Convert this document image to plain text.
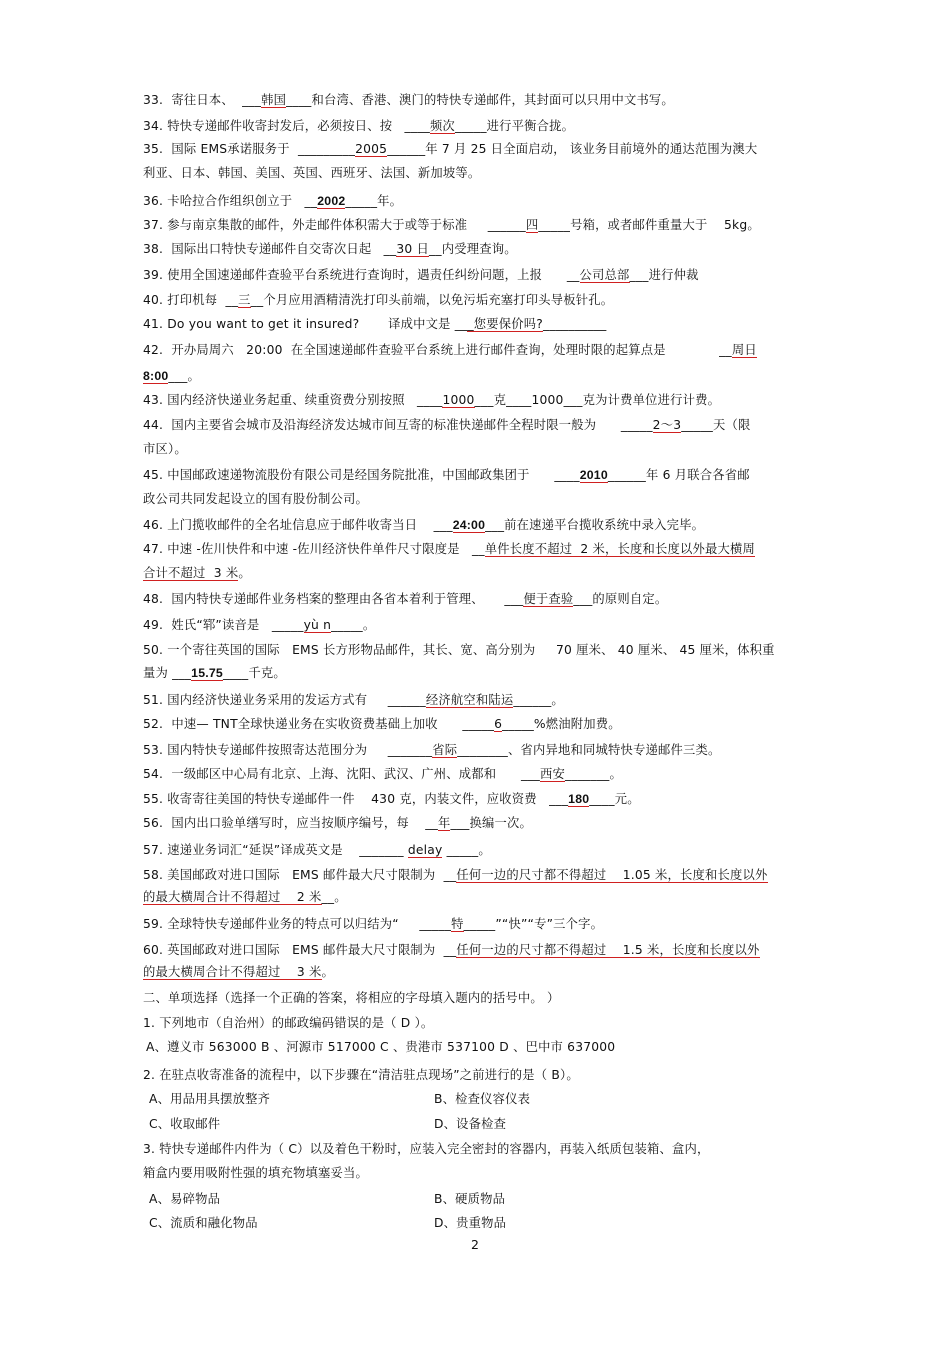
33.  寄往日本、  ___韩国____和台湾、香港、澳门的特快专递邮件，其封面可以只用中文书写。
34. 特快专递邮件收寄封发后，必须按日、按   ____频次_____进行平衡合拢。
35.  国际 EMS承诺服务于  _________2005______年 7 月 25 日全面启动， 该业务目前境外的通达范围为澳大
利亚、日本、韩国、美国、英国、西班牙、法国、新加坡等。
36. 卡哈拉合作组织创立于   __2002_____年。
37. 参与南京集散的邮件，外走邮件体积需大于或等于标准     ______四_____号箱，或者邮件重量大于    5kg。
38.  国际出口特快专递邮件自交寄次日起   __30 日__内受理查询。
39. 使用全国速递邮件查验平台系统进行查询时，遇责任纠纷问题，上报      __公司总部___进行仲裁
40. 打印机每  __三__个月应用酒精清洗打印头前端，以免污垢充塞打印头导板针孔。
41. Do you want to get it insured?       译成中文是 ___您要保价吗?__________
42.  开办局周六   20:00  在全国速递邮件查验平台系统上进行邮件查询，处理时限的起算点是             __周日
8:00___。
43. 国内经济快递业务起重、续重资费分别按照   ____1000___克____1000___克为计费单位进行计费。
44.  国内主要省会城市及沿海经济发达城市间互寄的标准快递邮件全程时限一般为      _____2～3_____天（限
市区）。
45. 中国邮政速递物流股份有限公司是经国务院批准，中国邮政集团于      ____2010______年 6 月联合各省邮
政公司共同发起设立的国有股份制公司。
46. 上门揽收邮件的全名址信息应于邮件收寄当日    ___24:00___前在速递平台揽收系统中录入完毕。
47. 中速 -佐川快件和中速 -佐川经济快件单件尺寸限度是   __单件长度不超过  2 米，长度和长度以外最大横周
合计不超过  3 米。
48.  国内特快专递邮件业务档案的整理由各省本着利于管理、     ___便于查验___的原则自定。
49.  姓氏“郓”读音是   _____yù n_____。
50. 一个寄往英国的国际   EMS 长方形物品邮件，其长、宽、高分别为     70 厘米、 40 厘米、 45 厘米，体积重
量为 ___15.75____千克。
51. 国内经济快递业务采用的发运方式有     ______经济航空和陆运______。
52.  中速— TNT全球快递业务在实收资费基础上加收      _____6_____%燃油附加费。
53. 国内特快专递邮件按照寄达范围分为     _______省际________、省内异地和同城特快专递邮件三类。
54.  一级邮区中心局有北京、上海、沈阳、武汉、广州、成都和      ___西安_______。
55. 收寄寄往美国的特快专递邮件一件    430 克，内装文件，应收资费   ___180____元。
56.  国内出口验单缮写时，应当按顺序编号，每    __年___换编一次。
57. 速递业务词汇“延误”译成英文是    _______ delay _____。
58. 美国邮政对进口国际   EMS 邮件最大尺寸限制为  __任何一边的尺寸都不得超过    1.05 米，长度和长度以外
的最大横周合计不得超过    2 米__。
59. 全球特快专递邮件业务的特点可以归结为“     _____特_____”“快”“专”三个字。
60. 英国邮政对进口国际   EMS 邮件最大尺寸限制为  __任何一边的尺寸都不得超过    1.5 米，长度和长度以外
的最大横周合计不得超过    3 米。
二、单项选择（选择一个正确的答案，将相应的字母填入题内的括号中。 ）
1. 下列地市（自治州）的邮政编码错误的是（ D ）。
A、遵义市 563000 B 、河源市 517000 C 、贵港市 537100 D 、巴中市 637000
2. 在驻点收寄准备的流程中，以下步骤在“清洁驻点现场”之前进行的是（ B）。
A、用品用具摆放整齐	B、检查仪容仪表
C、收取邮件	D、设备检查
3. 特快专递邮件内件为（ C）以及着色干粉时，应装入完全密封的容器内，再装入纸质包装箱、盒内，
箱盒内要用吸附性强的填充物填塞妥当。
A、易碎物品	B、硬质物品
C、流质和融化物品	D、贵重物品
2
